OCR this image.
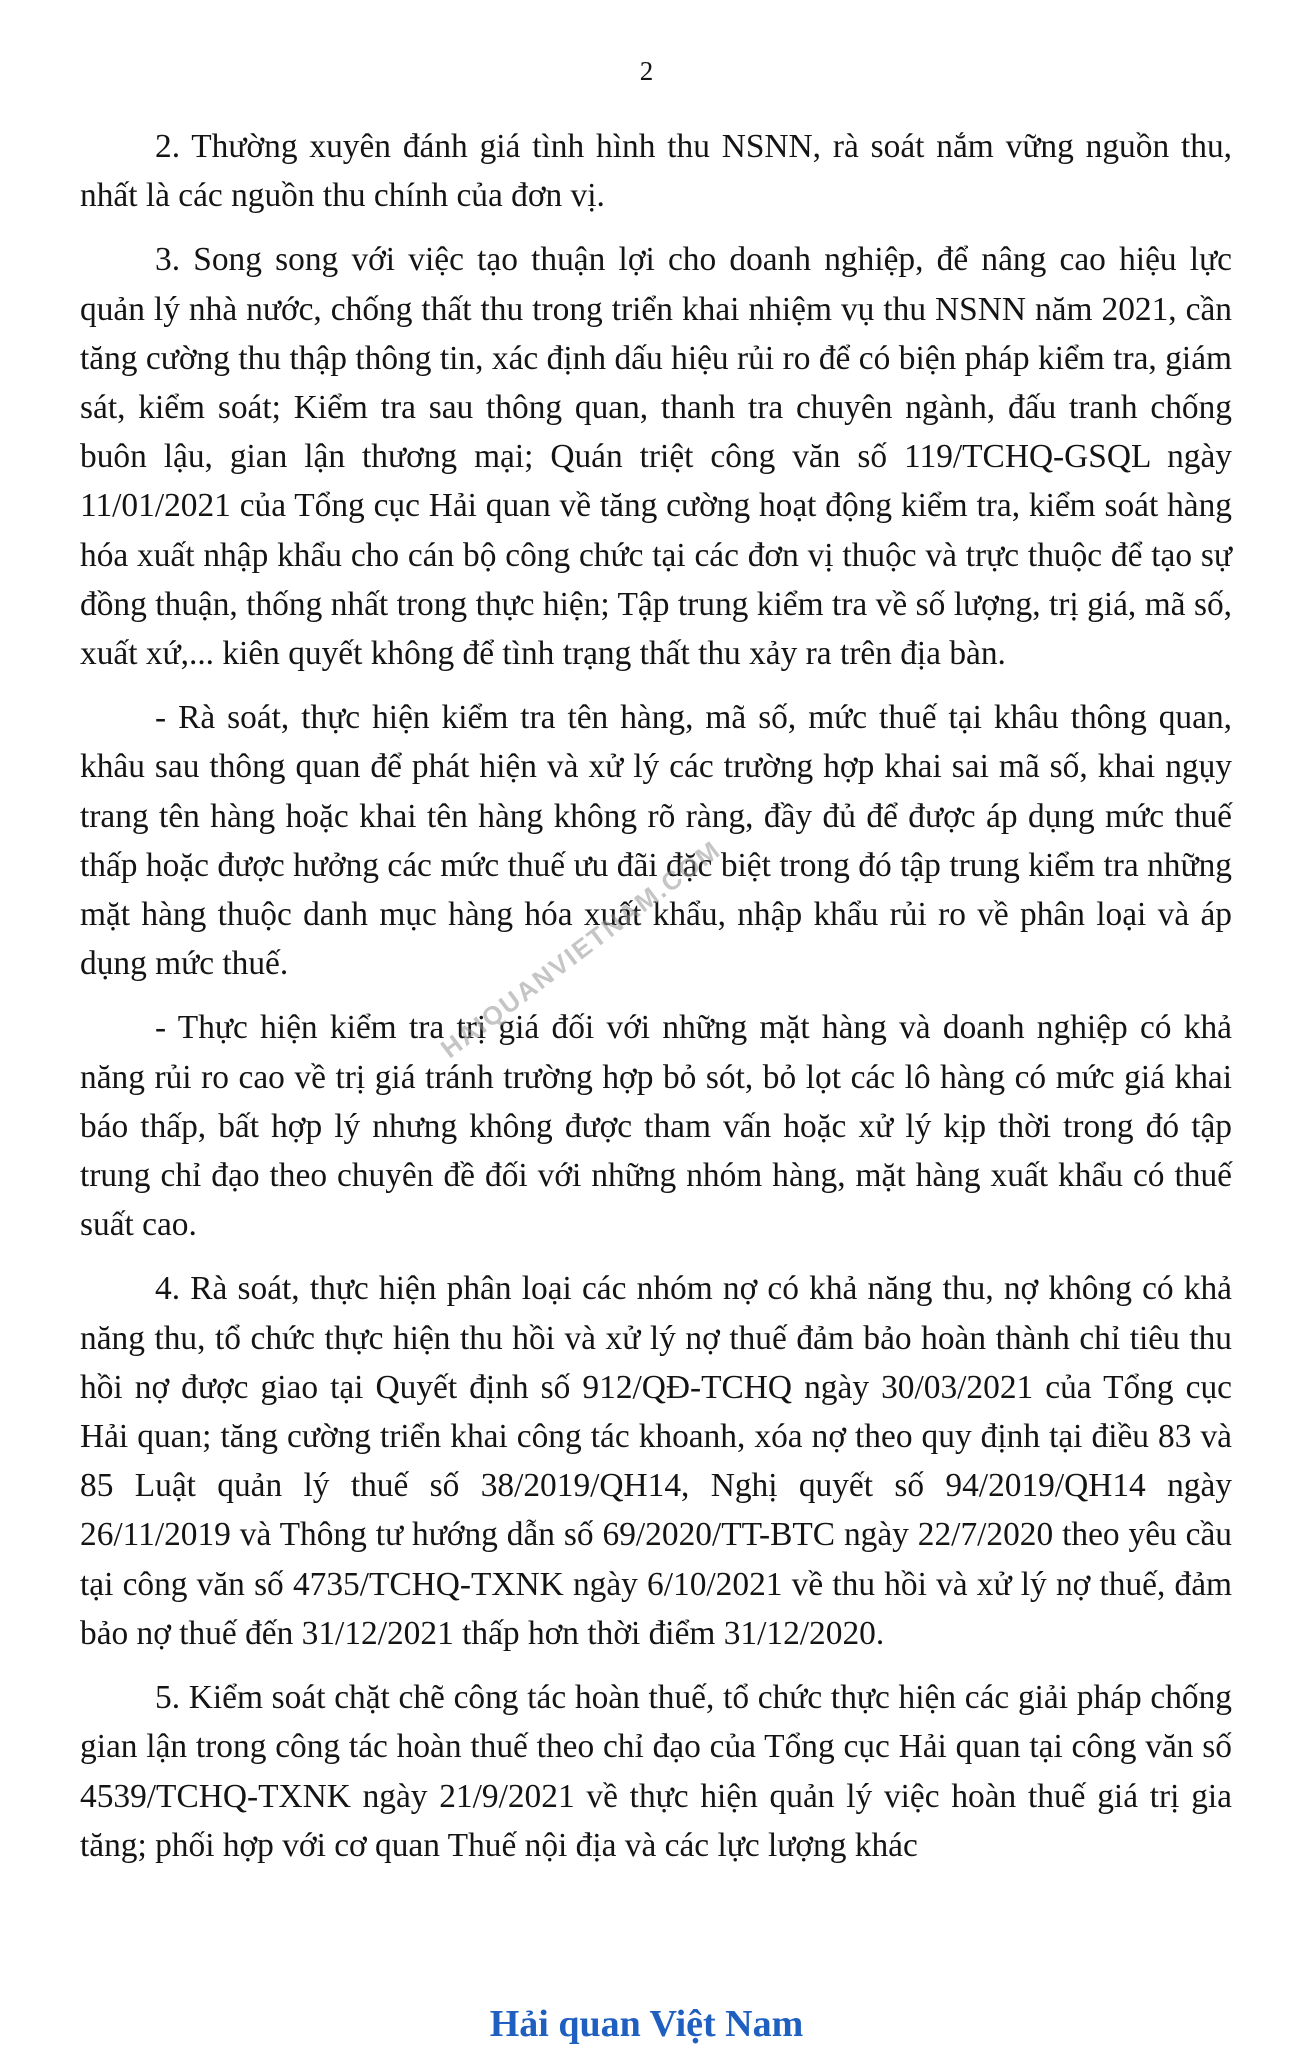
2

2. Thường xuyên đánh giá tình hình thu NSNN, rà soát nắm vững nguồn thu, nhất là các nguồn thu chính của đơn vị.

3. Song song với việc tạo thuận lợi cho doanh nghiệp, để nâng cao hiệu lực quản lý nhà nước, chống thất thu trong triển khai nhiệm vụ thu NSNN năm 2021, cần tăng cường thu thập thông tin, xác định dấu hiệu rủi ro để có biện pháp kiểm tra, giám sát, kiểm soát; Kiểm tra sau thông quan, thanh tra chuyên ngành, đấu tranh chống buôn lậu, gian lận thương mại; Quán triệt công văn số 119/TCHQ-GSQL ngày 11/01/2021 của Tổng cục Hải quan về tăng cường hoạt động kiểm tra, kiểm soát hàng hóa xuất nhập khẩu cho cán bộ công chức tại các đơn vị thuộc và trực thuộc để tạo sự đồng thuận, thống nhất trong thực hiện; Tập trung kiểm tra về số lượng, trị giá, mã số, xuất xứ,... kiên quyết không để tình trạng thất thu xảy ra trên địa bàn.

- Rà soát, thực hiện kiểm tra tên hàng, mã số, mức thuế tại khâu thông quan, khâu sau thông quan để phát hiện và xử lý các trường hợp khai sai mã số, khai ngụy trang tên hàng hoặc khai tên hàng không rõ ràng, đầy đủ để được áp dụng mức thuế thấp hoặc được hưởng các mức thuế ưu đãi đặc biệt trong đó tập trung kiểm tra những mặt hàng thuộc danh mục hàng hóa xuất khẩu, nhập khẩu rủi ro về phân loại và áp dụng mức thuế.

- Thực hiện kiểm tra trị giá đối với những mặt hàng và doanh nghiệp có khả năng rủi ro cao về trị giá tránh trường hợp bỏ sót, bỏ lọt các lô hàng có mức giá khai báo thấp, bất hợp lý nhưng không được tham vấn hoặc xử lý kịp thời trong đó tập trung chỉ đạo theo chuyên đề đối với những nhóm hàng, mặt hàng xuất khẩu có thuế suất cao.

4. Rà soát, thực hiện phân loại các nhóm nợ có khả năng thu, nợ không có khả năng thu, tổ chức thực hiện thu hồi và xử lý nợ thuế đảm bảo hoàn thành chỉ tiêu thu hồi nợ được giao tại Quyết định số 912/QĐ-TCHQ ngày 30/03/2021 của Tổng cục Hải quan; tăng cường triển khai công tác khoanh, xóa nợ theo quy định tại điều 83 và 85 Luật quản lý thuế số 38/2019/QH14, Nghị quyết số 94/2019/QH14 ngày 26/11/2019 và Thông tư hướng dẫn số 69/2020/TT-BTC ngày 22/7/2020 theo yêu cầu tại công văn số 4735/TCHQ-TXNK ngày 6/10/2021 về thu hồi và xử lý nợ thuế, đảm bảo nợ thuế đến 31/12/2021 thấp hơn thời điểm 31/12/2020.

5. Kiểm soát chặt chẽ công tác hoàn thuế, tổ chức thực hiện các giải pháp chống gian lận trong công tác hoàn thuế theo chỉ đạo của Tổng cục Hải quan tại công văn số 4539/TCHQ-TXNK ngày 21/9/2021 về thực hiện quản lý việc hoàn thuế giá trị gia tăng; phối hợp với cơ quan Thuế nội địa và các lực lượng khác

HAIQUANVIETNAM.COM
Hải quan Việt Nam
